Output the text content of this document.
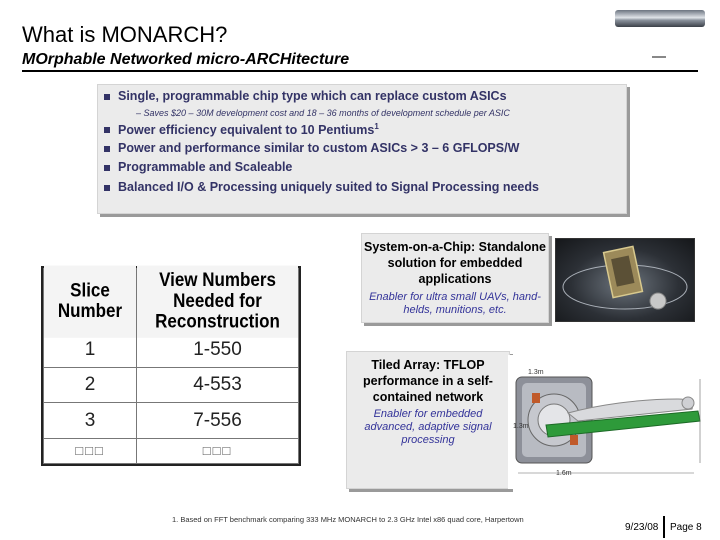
What is MONARCH?
MOrphable Networked micro-ARCHitecture
Single, programmable chip type which can replace custom ASICs
– Saves $20 – 30M development cost and 18 – 36 months of development schedule per ASIC
Power efficiency equivalent to 10 Pentiums$^1$
Power and performance similar to custom ASICs > 3 – 6 GFLOPS/W
Programmable and Scaleable
Balanced I/O & Processing uniquely suited to Signal Processing needs
Slice Number	View Numbers Needed for Reconstruction
1	1-550
2	4-553
3	7-556
□□□	□□□
System-on-a-Chip: Standalone solution for embedded applications
Enabler for ultra small UAVs, hand-helds, munitions, etc.
Tiled Array: TFLOP performance in a self-contained network
Enabler for embedded advanced, adaptive signal processing
1.3m
1.3m
1.6m
1. Based on FFT benchmark comparing 333 MHz MONARCH to 2.3 GHz Intel x86 quad core, Harpertown
9/23/08 Page 8
